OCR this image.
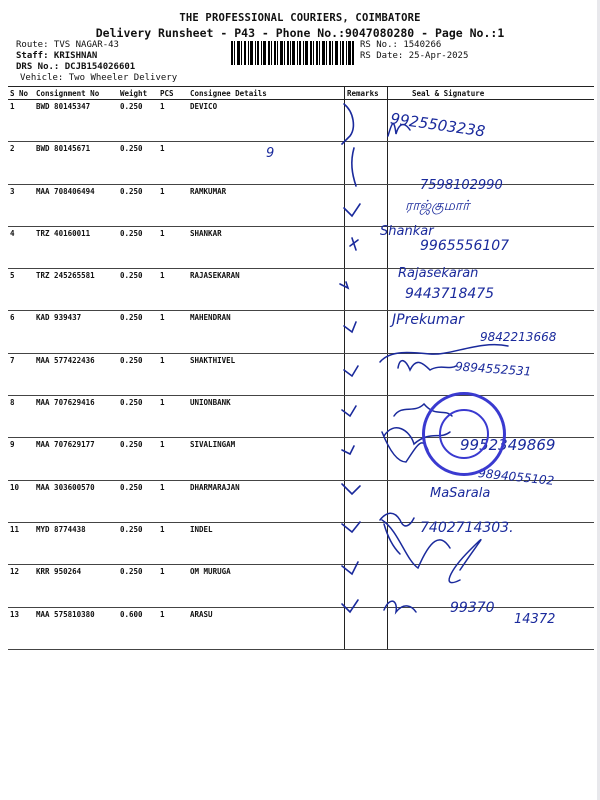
THE PROFESSIONAL COURIERS, COIMBATORE
Delivery Runsheet - P43 - Phone No.:9047080280 - Page No.:1
Route: TVS NAGAR-43
Staff: KRISHNAN
DRS No.: DCJB154026601
Vehicle: Two Wheeler Delivery
RS No.: 1540266
RS Date: 25-Apr-2025
S No	Consignment No	Weight	PCS	Consignee Details	Remarks	Seal & Signature
1	BWD 80145347	0.250	1	DEVICO		
2	BWD 80145671	0.250	1			
3	MAA 708406494	0.250	1	RAMKUMAR		
4	TRZ 40160011	0.250	1	SHANKAR		
5	TRZ 245265581	0.250	1	RAJASEKARAN		
6	KAD 939437	0.250	1	MAHENDRAN		
7	MAA 577422436	0.250	1	SHAKTHIVEL		
8	MAA 707629416	0.250	1	UNIONBANK		
9	MAA 707629177	0.250	1	SIVALINGAM		
10	MAA 303600570	0.250	1	DHARMARAJAN		
11	MYD 8774438	0.250	1	INDEL		
12	KRR 950264	0.250	1	OM MURUGA		
13	MAA 575810380	0.600	1	ARASU		
9925503238
9
7598102990
ராஜ்குமார்
Shankar
9965556107
Rajasekaran
9443718475
JPrekumar
9842213668
9894552531
9952349869
9894055102
MaSarala
7402714303.
99370
14372
